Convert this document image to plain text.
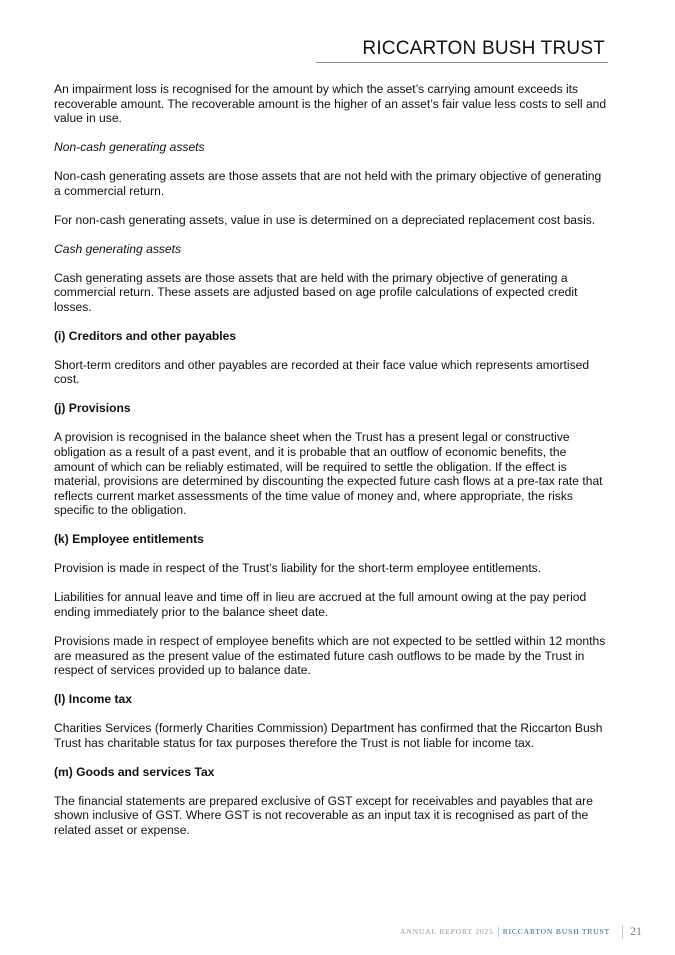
RICCARTON BUSH TRUST

An impairment loss is recognised for the amount by which the asset’s carrying amount exceeds its recoverable amount. The recoverable amount is the higher of an asset’s fair value less costs to sell and value in use.

Non-cash generating assets

Non-cash generating assets are those assets that are not held with the primary objective of generating a commercial return.

For non-cash generating assets, value in use is determined on a depreciated replacement cost basis.

Cash generating assets

Cash generating assets are those assets that are held with the primary objective of generating a commercial return. These assets are adjusted based on age profile calculations of expected credit losses.

(i) Creditors and other payables

Short-term creditors and other payables are recorded at their face value which represents amortised cost.

(j) Provisions

A provision is recognised in the balance sheet when the Trust has a present legal or constructive obligation as a result of a past event, and it is probable that an outflow of economic benefits, the amount of which can be reliably estimated, will be required to settle the obligation. If the effect is material, provisions are determined by discounting the expected future cash flows at a pre-tax rate that reflects current market assessments of the time value of money and, where appropriate, the risks specific to the obligation.

(k) Employee entitlements

Provision is made in respect of the Trust’s liability for the short-term employee entitlements.

Liabilities for annual leave and time off in lieu are accrued at the full amount owing at the pay period ending immediately prior to the balance sheet date.

Provisions made in respect of employee benefits which are not expected to be settled within 12 months are measured as the present value of the estimated future cash outflows to be made by the Trust in respect of services provided up to balance date.

(l) Income tax

Charities Services (formerly Charities Commission) Department has confirmed that the Riccarton Bush Trust has charitable status for tax purposes therefore the Trust is not liable for income tax.

(m) Goods and services Tax

The financial statements are prepared exclusive of GST except for receivables and payables that are shown inclusive of GST. Where GST is not recoverable as an input tax it is recognised as part of the related asset or expense.

ANNUAL REPORT 2025 RICCARTON BUSH TRUST 21
